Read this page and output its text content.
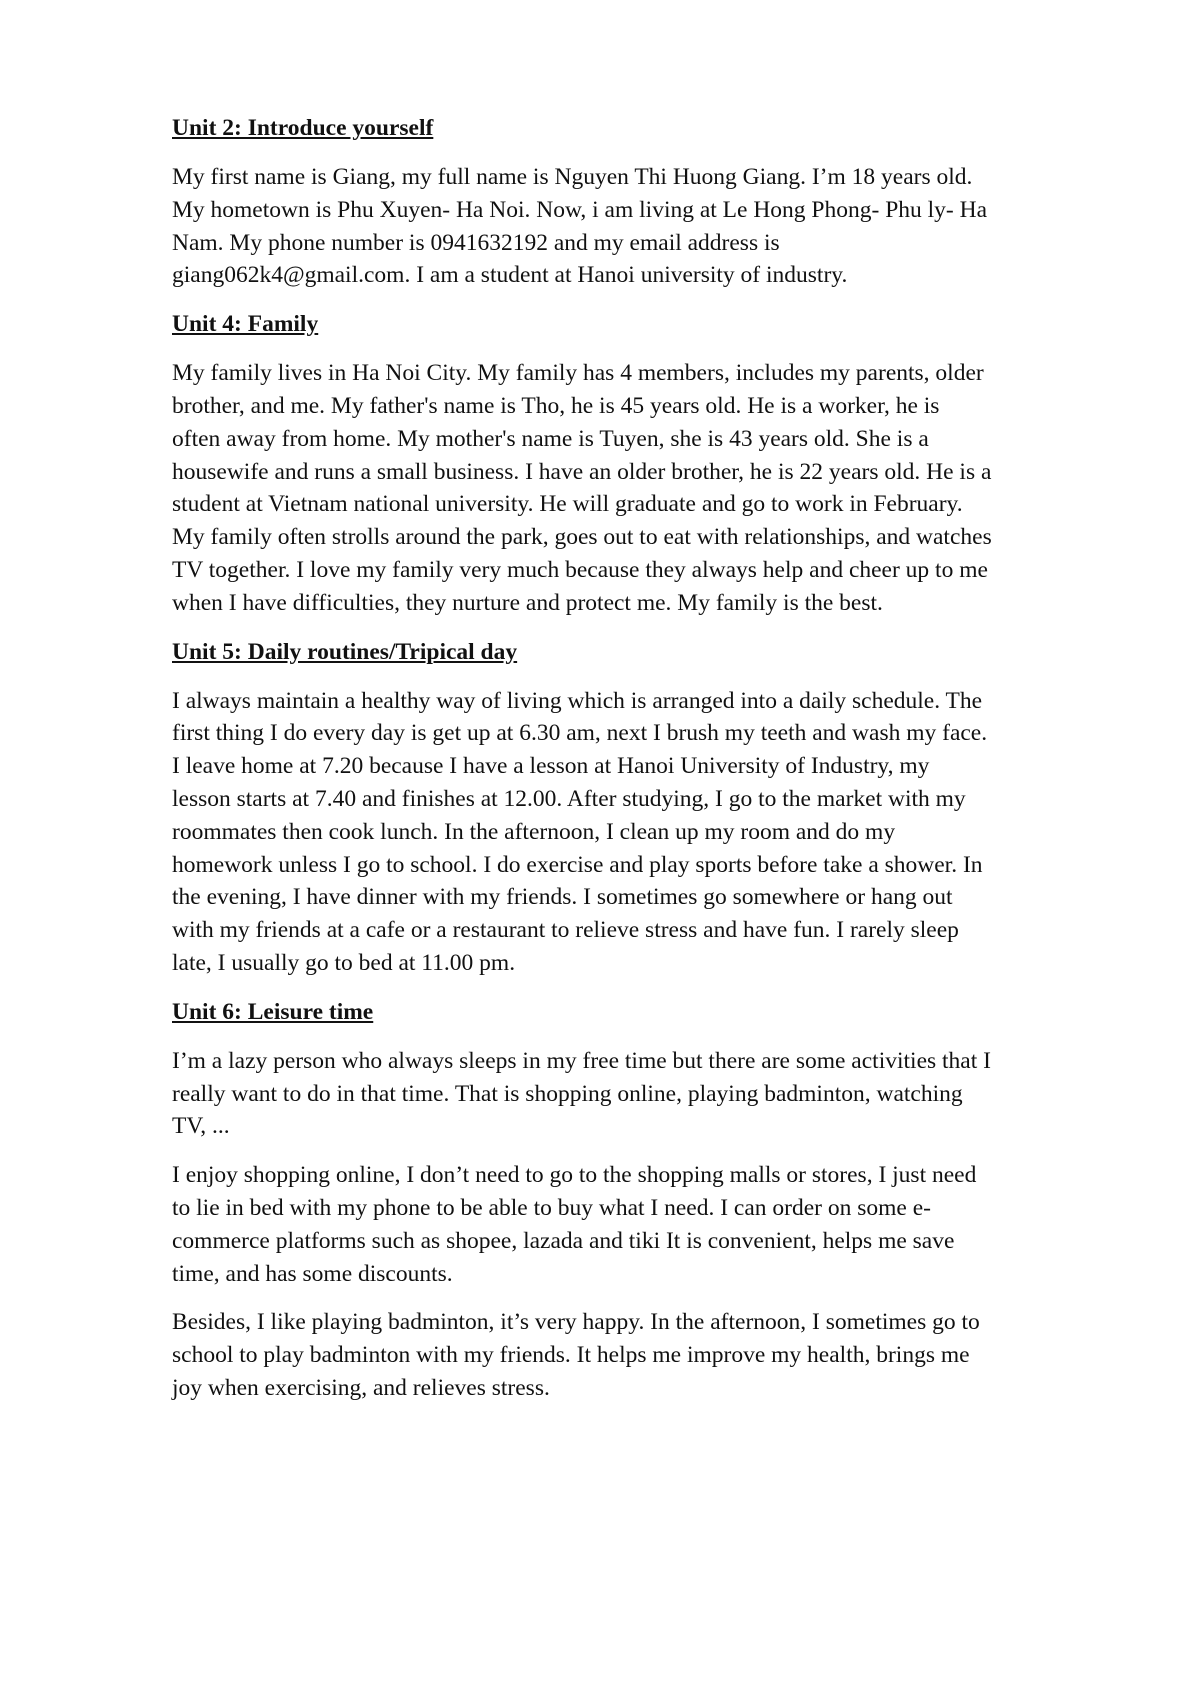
Unit 2: Introduce yourself
My first name is Giang, my full name is Nguyen Thi Huong Giang. I’m 18 years old.
My hometown is Phu Xuyen- Ha Noi. Now, i am living at Le Hong Phong- Phu ly- Ha
Nam. My phone number is 0941632192 and my email address is
giang062k4@gmail.com. I am a student at Hanoi university of industry.
Unit 4: Family
My family lives in Ha Noi City. My family has 4 members, includes my parents, older
brother, and me. My father's name is Tho, he is 45 years old. He is a worker, he is
often away from home. My mother's name is Tuyen, she is 43 years old. She is a
housewife and runs a small business. I have an older brother, he is 22 years old. He is a
student at Vietnam national university. He will graduate and go to work in February.
My family often strolls around the park, goes out to eat with relationships, and watches
TV together. I love my family very much because they always help and cheer up to me
when I have difficulties, they nurture and protect me. My family is the best.
Unit 5: Daily routines/Tripical day
I always maintain a healthy way of living which is arranged into a daily schedule. The
first thing I do every day is get up at 6.30 am, next I brush my teeth and wash my face.
I leave home at 7.20 because I have a lesson at Hanoi University of Industry, my
lesson starts at 7.40 and finishes at 12.00. After studying, I go to the market with my
roommates then cook lunch. In the afternoon, I clean up my room and do my
homework unless I go to school. I do exercise and play sports before take a shower. In
the evening, I have dinner with my friends. I sometimes go somewhere or hang out
with my friends at a cafe or a restaurant to relieve stress and have fun. I rarely sleep
late, I usually go to bed at 11.00 pm.
Unit 6: Leisure time
I’m a lazy person who always sleeps in my free time but there are some activities that I
really want to do in that time. That is shopping online, playing badminton, watching
TV, ...
I enjoy shopping online, I don’t need to go to the shopping malls or stores, I just need
to lie in bed with my phone to be able to buy what I need. I can order on some e-
commerce platforms such as shopee, lazada and tiki It is convenient, helps me save
time, and has some discounts.
Besides, I like playing badminton, it’s very happy. In the afternoon, I sometimes go to
school to play badminton with my friends. It helps me improve my health, brings me
joy when exercising, and relieves stress.
